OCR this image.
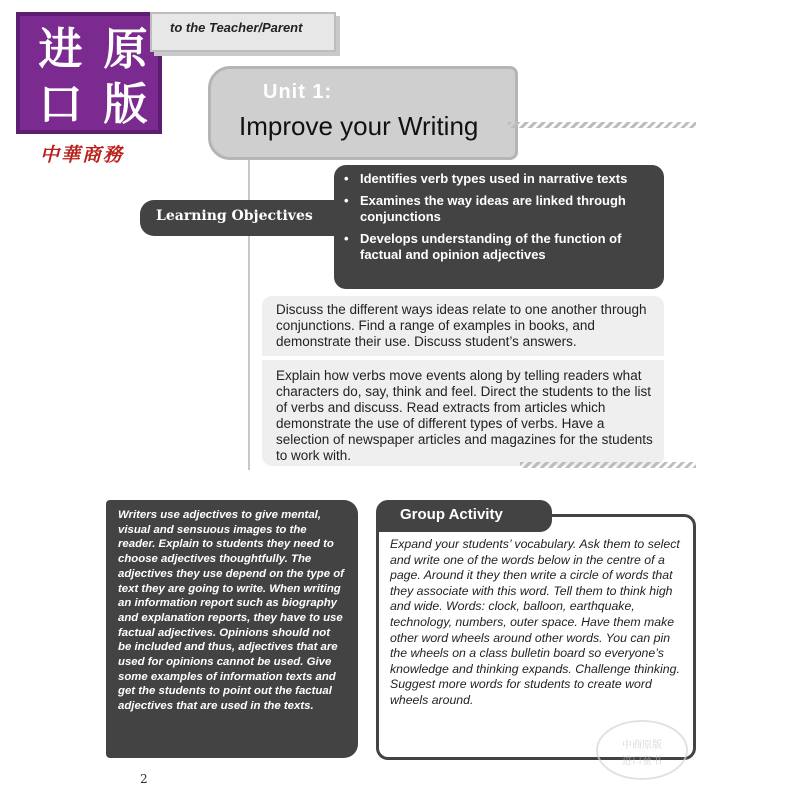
进 原
口 版
中華商務
to the Teacher/Parent
Unit 1:
Improve your Writing
Learning Objectives
• Identifies verb types used in narrative texts
• Examines the way ideas are linked through conjunctions
• Develops understanding of the function of factual and opinion adjectives

Discuss the different ways ideas relate to one another through conjunctions. Find a range of examples in books, and demonstrate their use. Discuss student’s answers.

Explain how verbs move events along by telling readers what characters do, say, think and feel. Direct the students to the list of verbs and discuss. Read extracts from articles which demonstrate the use of different types of verbs. Have a selection of newspaper articles and magazines for the students to work with.

Writers use adjectives to give mental, visual and sensuous images to the reader. Explain to students they need to choose adjectives thoughtfully. The adjectives they use depend on the type of text they are going to write. When writing an information report such as biography and explanation reports, they have to use factual adjectives. Opinions should not be included and thus, adjectives that are used for opinions cannot be used. Give some examples of information texts and get the students to point out the factual adjectives that are used in the texts.

Group Activity

Expand your students’ vocabulary. Ask them to select and write one of the words below in the centre of a page. Around it they then write a circle of words that they associate with this word. Tell them to think high and wide. Words: clock, balloon, earthquake, technology, numbers, outer space. Have them make other word wheels around other words. You can pin the wheels on a class bulletin board so everyone’s knowledge and thinking expands. Challenge thinking. Suggest more words for students to create word wheels around.

2
中商原版
进口童书
